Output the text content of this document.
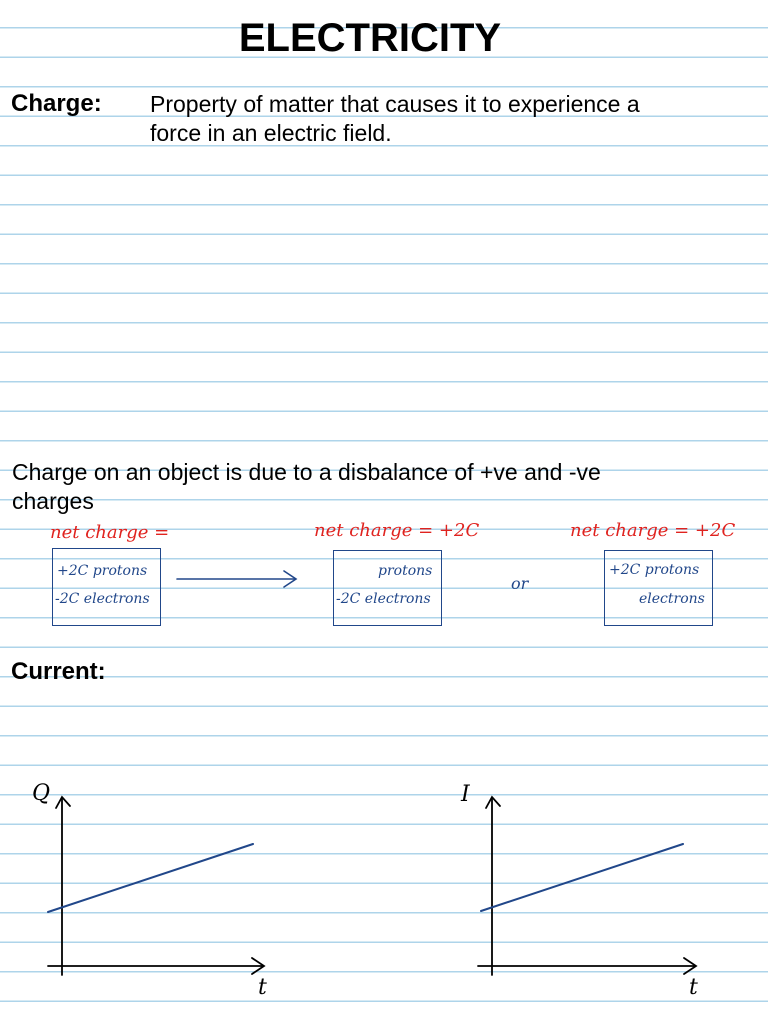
ELECTRICITY
Charge: Property of matter that causes it to experience a
force in an electric field.
Charge on an object is due to a disbalance of +ve and -ve
charges
net charge =	net charge = +2C	net charge = +2C
+2C protons
-2C electrons
protons
-2C electrons
or
+2C protons
electrons
Current:
Q
t
I
t
